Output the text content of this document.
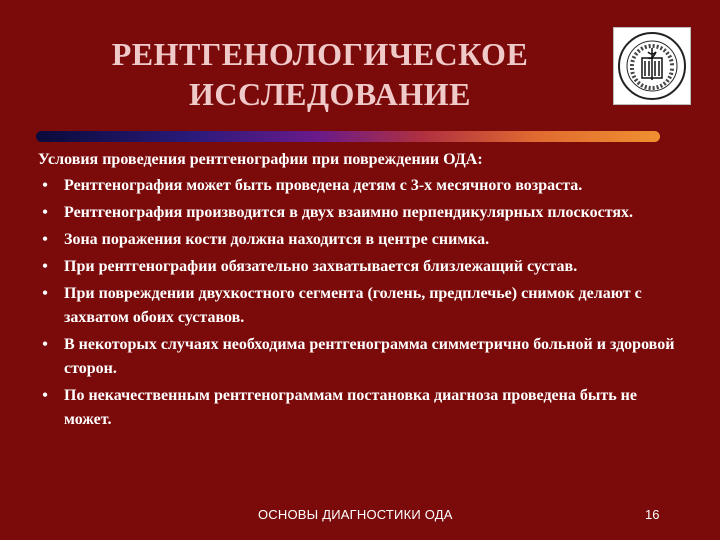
РЕНТГЕНОЛОГИЧЕСКОЕ
ИССЛЕДОВАНИЕ
Условия проведения рентгенографии при повреждении ОДА:
• Рентгенография может быть проведена детям с 3-х месячного возраста.
• Рентгенография производится в двух взаимно перпендикулярных плоскостях.
• Зона поражения кости должна находится в центре снимка.
• При рентгенографии обязательно захватывается близлежащий сустав.
• При повреждении двухкостного сегмента (голень, предплечье) снимок делают с захватом обоих суставов.
• В некоторых случаях необходима рентгенограмма симметрично больной и здоровой сторон.
• По некачественным рентгенограммам постановка диагноза проведена быть не может.
ОСНОВЫ ДИАГНОСТИКИ ОДА	16
